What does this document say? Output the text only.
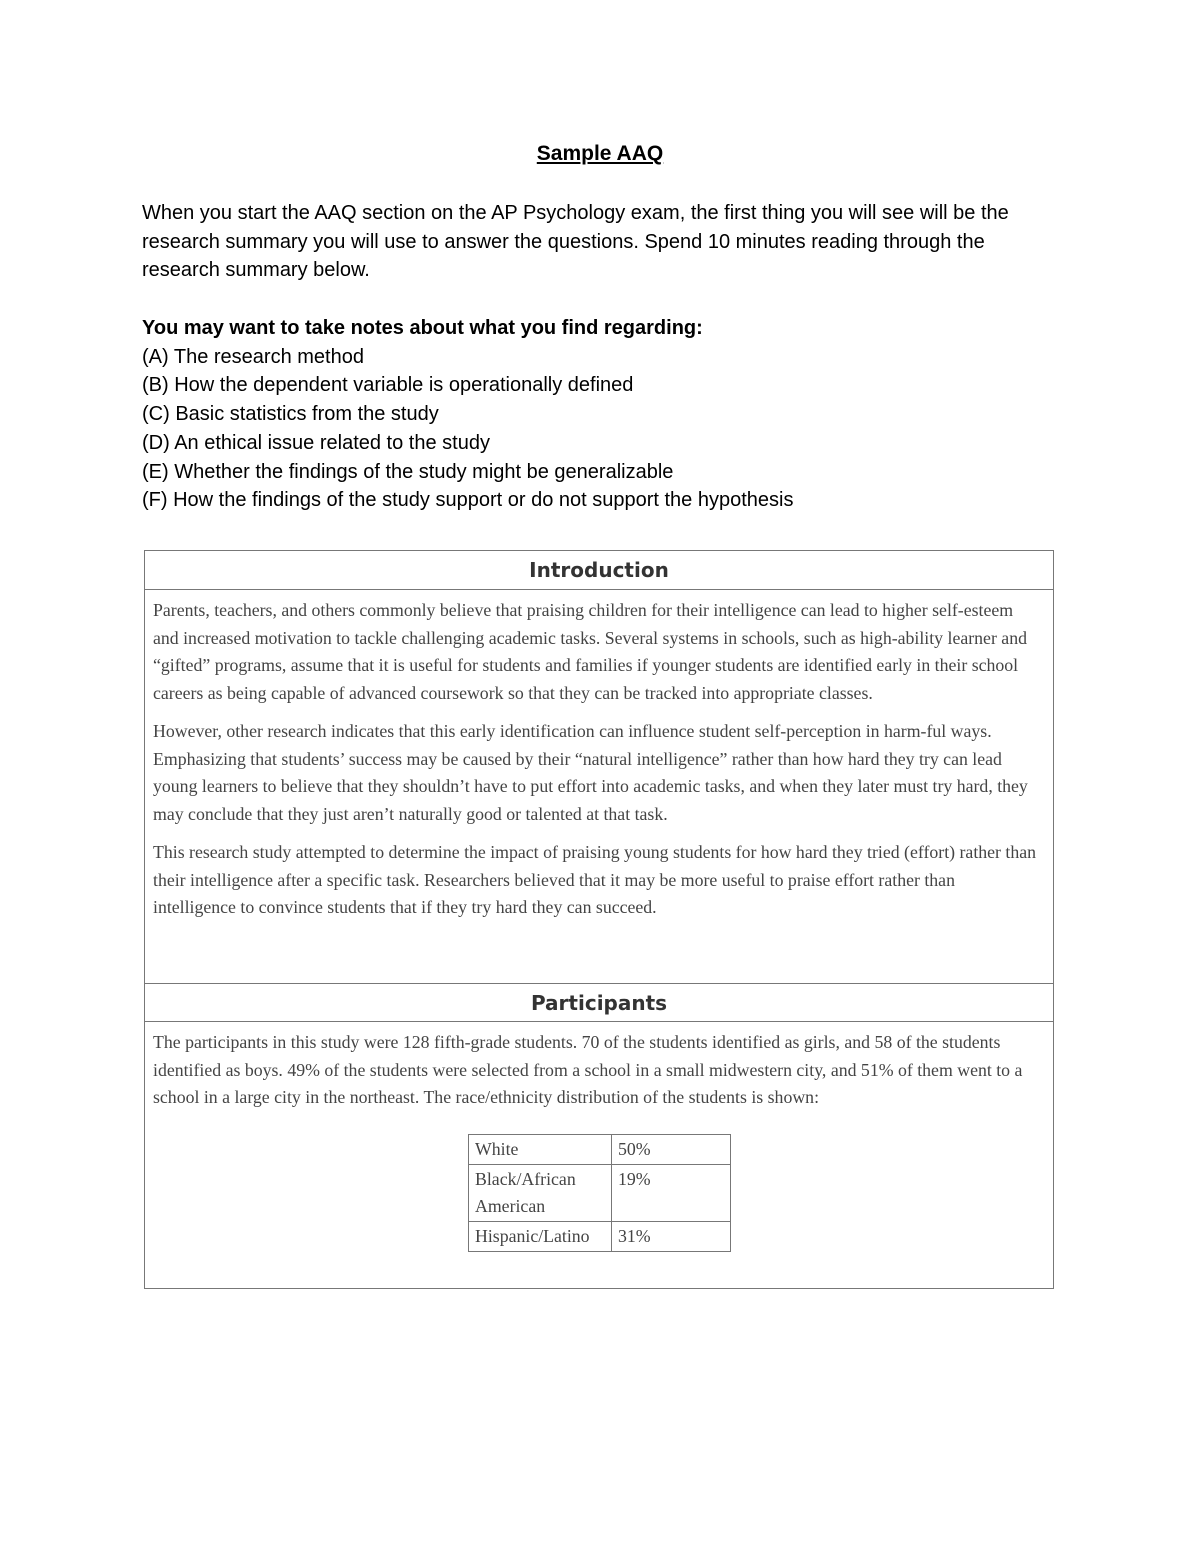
Sample AAQ
When you start the AAQ section on the AP Psychology exam, the first thing you will see will be the research summary you will use to answer the questions. Spend 10 minutes reading through the research summary below.
You may want to take notes about what you find regarding:
(A) The research method
(B) How the dependent variable is operationally defined
(C) Basic statistics from the study
(D) An ethical issue related to the study
(E) Whether the findings of the study might be generalizable
(F) How the findings of the study support or do not support the hypothesis
Introduction

Parents, teachers, and others commonly believe that praising children for their intelligence can lead to higher self-esteem and increased motivation to tackle challenging academic tasks. Several systems in schools, such as high-ability learner and “gifted” programs, assume that it is useful for students and families if younger students are identified early in their school careers as being capable of advanced coursework so that they can be tracked into appropriate classes.

However, other research indicates that this early identification can influence student self-perception in harm-ful ways. Emphasizing that students’ success may be caused by their “natural intelligence” rather than how hard they try can lead young learners to believe that they shouldn’t have to put effort into academic tasks, and when they later must try hard, they may conclude that they just aren’t naturally good or talented at that task.

This research study attempted to determine the impact of praising young students for how hard they tried (effort) rather than their intelligence after a specific task. Researchers believed that it may be more useful to praise effort rather than intelligence to convince students that if they try hard they can succeed.

Participants

The participants in this study were 128 fifth-grade students. 70 of the students identified as girls, and 58 of the students identified as boys. 49% of the students were selected from a school in a small midwestern city, and 51% of them went to a school in a large city in the northeast. The race/ethnicity distribution of the students is shown:

White	50%
Black/African American	19%
Hispanic/Latino	31%
